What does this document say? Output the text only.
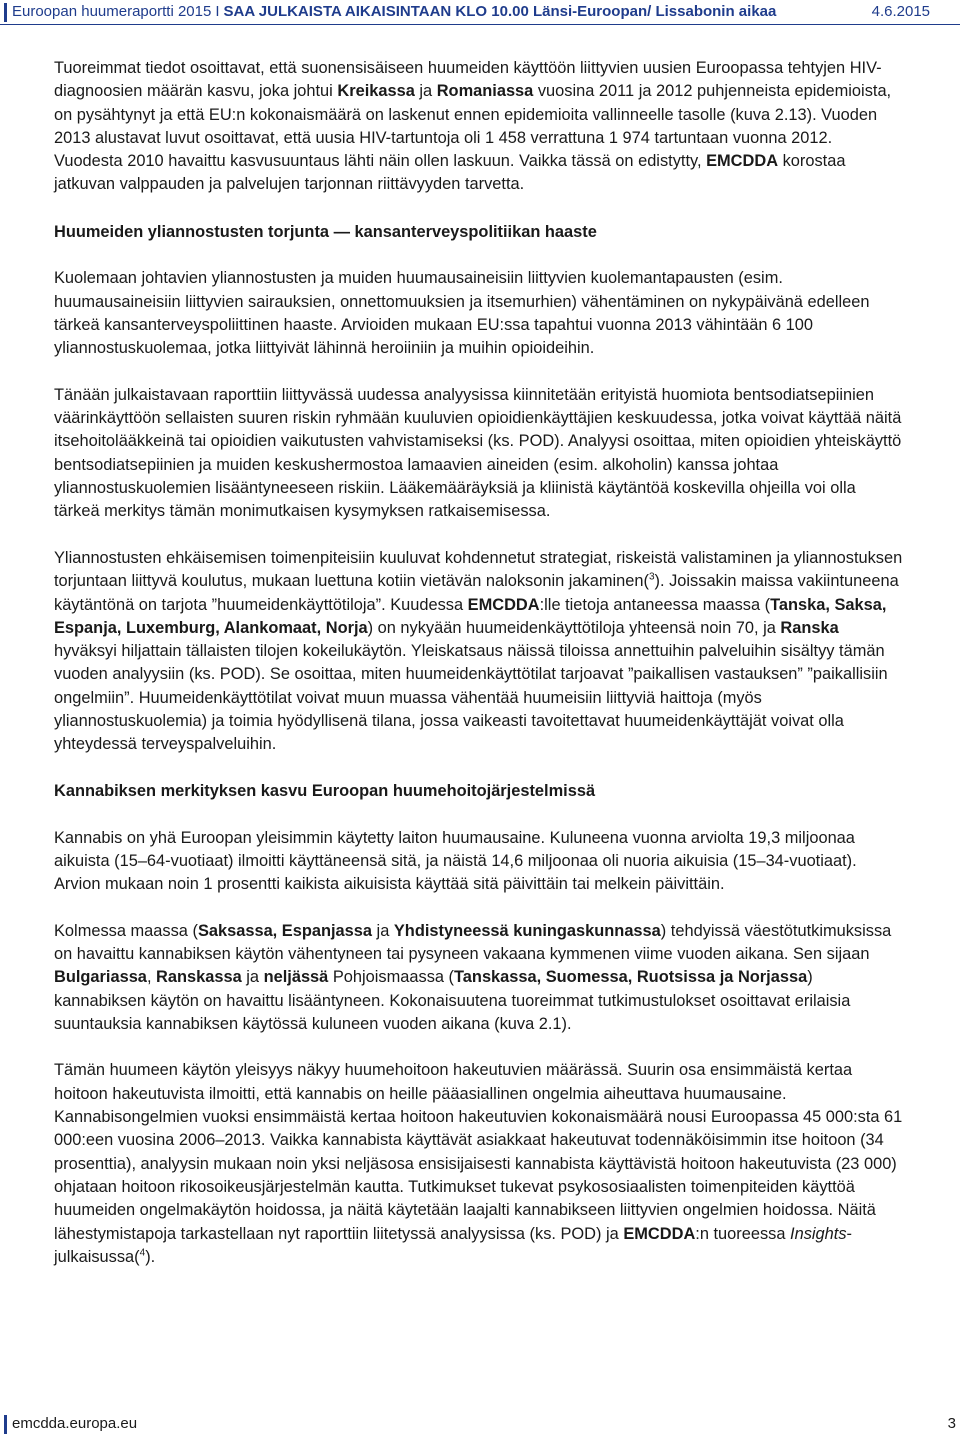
Euroopan huumeraportti 2015 I SAA JULKAISTA AIKAISINTAAN KLO 10.00 Länsi-Euroopan/ Lissabonin aikaa	4.6.2015

Tuoreimmat tiedot osoittavat, että suonensisäiseen huumeiden käyttöön liittyvien uusien Euroopassa tehtyjen HIV-diagnoosien määrän kasvu, joka johtui Kreikassa ja Romaniassa vuosina 2011 ja 2012 puhjenneista epidemioista, on pysähtynyt ja että EU:n kokonaismäärä on laskenut ennen epidemioita vallinneelle tasolle (kuva 2.13). Vuoden 2013 alustavat luvut osoittavat, että uusia HIV-tartuntoja oli 1 458 verrattuna 1 974 tartuntaan vuonna 2012. Vuodesta 2010 havaittu kasvusuuntaus lähti näin ollen laskuun. Vaikka tässä on edistytty, EMCDDA korostaa jatkuvan valppauden ja palvelujen tarjonnan riittävyyden tarvetta.

Huumeiden yliannostusten torjunta — kansanterveyspolitiikan haaste

Kuolemaan johtavien yliannostusten ja muiden huumausaineisiin liittyvien kuolemantapausten (esim. huumausaineisiin liittyvien sairauksien, onnettomuuksien ja itsemurhien) vähentäminen on nykypäivänä edelleen tärkeä kansanterveyspoliittinen haaste. Arvioiden mukaan EU:ssa tapahtui vuonna 2013 vähintään 6 100 yliannostuskuolemaa, jotka liittyivät lähinnä heroiiniin ja muihin opioideihin.

Tänään julkaistavaan raporttiin liittyvässä uudessa analyysissa kiinnitetään erityistä huomiota bentsodiatsepiinien väärinkäyttöön sellaisten suuren riskin ryhmään kuuluvien opioidienkäyttäjien keskuudessa, jotka voivat käyttää näitä itsehoitolääkkeinä tai opioidien vaikutusten vahvistamiseksi (ks. POD). Analyysi osoittaa, miten opioidien yhteiskäyttö bentsodiatsepiinien ja muiden keskushermostoa lamaavien aineiden (esim. alkoholin) kanssa johtaa yliannostuskuolemien lisääntyneeseen riskiin. Lääkemääräyksiä ja kliinistä käytäntöä koskevilla ohjeilla voi olla tärkeä merkitys tämän monimutkaisen kysymyksen ratkaisemisessa.

Yliannostusten ehkäisemisen toimenpiteisiin kuuluvat kohdennetut strategiat, riskeistä valistaminen ja yliannostuksen torjuntaan liittyvä koulutus, mukaan luettuna kotiin vietävän naloksonin jakaminen($^3$). Joissakin maissa vakiintuneena käytäntönä on tarjota ”huumeidenkäyttötiloja”. Kuudessa EMCDDA:lle tietoja antaneessa maassa (Tanska, Saksa, Espanja, Luxemburg, Alankomaat, Norja) on nykyään huumeidenkäyttötiloja yhteensä noin 70, ja Ranska hyväksyi hiljattain tällaisten tilojen kokeilukäytön. Yleiskatsaus näissä tiloissa annettuihin palveluihin sisältyy tämän vuoden analyysiin (ks. POD). Se osoittaa, miten huumeidenkäyttötilat tarjoavat ”paikallisen vastauksen” ”paikallisiin ongelmiin”. Huumeidenkäyttötilat voivat muun muassa vähentää huumeisiin liittyviä haittoja (myös yliannostuskuolemia) ja toimia hyödyllisenä tilana, jossa vaikeasti tavoitettavat huumeidenkäyttäjät voivat olla yhteydessä terveyspalveluihin.

Kannabiksen merkityksen kasvu Euroopan huumehoitojärjestelmissä

Kannabis on yhä Euroopan yleisimmin käytetty laiton huumausaine. Kuluneena vuonna arviolta 19,3 miljoonaa aikuista (15–64-vuotiaat) ilmoitti käyttäneensä sitä, ja näistä 14,6 miljoonaa oli nuoria aikuisia (15–34-vuotiaat). Arvion mukaan noin 1 prosentti kaikista aikuisista käyttää sitä päivittäin tai melkein päivittäin.

Kolmessa maassa (Saksassa, Espanjassa ja Yhdistyneessä kuningaskunnassa) tehdyissä väestötutkimuksissa on havaittu kannabiksen käytön vähentyneen tai pysyneen vakaana kymmenen viime vuoden aikana. Sen sijaan Bulgariassa, Ranskassa ja neljässä Pohjoismaassa (Tanskassa, Suomessa, Ruotsissa ja Norjassa) kannabiksen käytön on havaittu lisääntyneen. Kokonaisuutena tuoreimmat tutkimustulokset osoittavat erilaisia suuntauksia kannabiksen käytössä kuluneen vuoden aikana (kuva 2.1).

Tämän huumeen käytön yleisyys näkyy huumehoitoon hakeutuvien määrässä. Suurin osa ensimmäistä kertaa hoitoon hakeutuvista ilmoitti, että kannabis on heille pääasiallinen ongelmia aiheuttava huumausaine. Kannabisongelmien vuoksi ensimmäistä kertaa hoitoon hakeutuvien kokonaismäärä nousi Euroopassa 45 000:sta 61 000:een vuosina 2006–2013. Vaikka kannabista käyttävät asiakkaat hakeutuvat todennäköisimmin itse hoitoon (34 prosenttia), analyysin mukaan noin yksi neljäsosa ensisijaisesti kannabista käyttävistä hoitoon hakeutuvista (23 000) ohjataan hoitoon rikosoikeusjärjestelmän kautta. Tutkimukset tukevat psykososiaalisten toimenpiteiden käyttöä huumeiden ongelmakäytön hoidossa, ja näitä käytetään laajalti kannabikseen liittyvien ongelmien hoidossa. Näitä lähestymistapoja tarkastellaan nyt raporttiin liitetyssä analyysissa (ks. POD) ja EMCDDA:n tuoreessa Insights-julkaisussa($^4$).

emcdda.europa.eu	3
